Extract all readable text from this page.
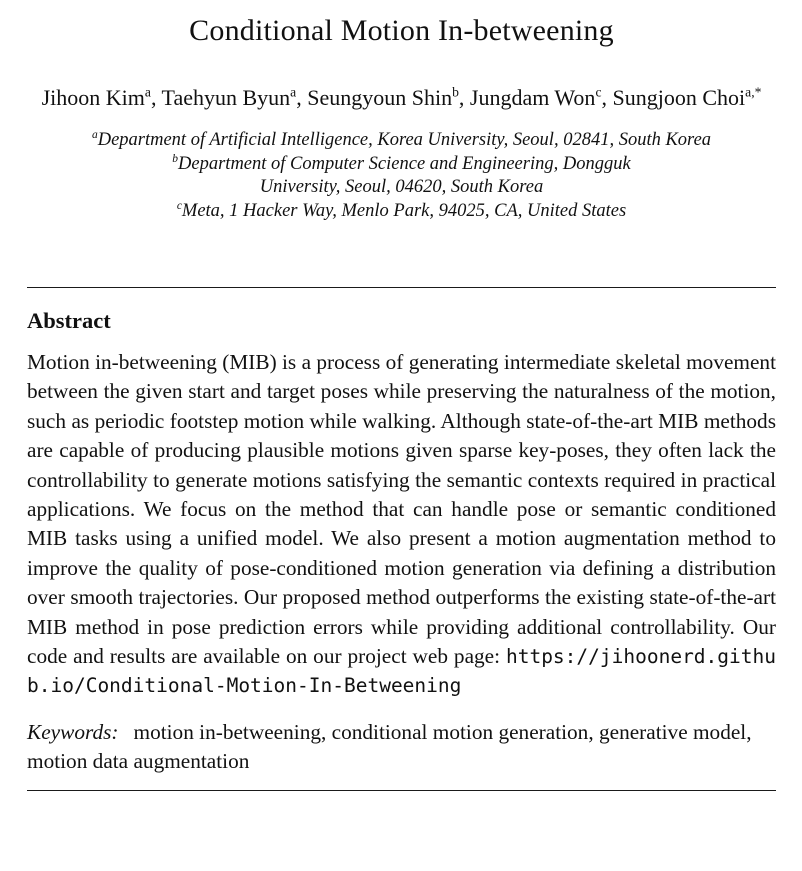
Conditional Motion In-betweening
Jihoon Kim$^a$, Taehyun Byun$^a$, Seungyoun Shin$^b$, Jungdam Won$^c$, Sungjoon Choi$^{a,*}$
$^a$Department of Artificial Intelligence, Korea University, Seoul, 02841, South Korea
$^b$Department of Computer Science and Engineering, Dongguk
University, Seoul, 04620, South Korea
$^c$Meta, 1 Hacker Way, Menlo Park, 94025, CA, United States
Abstract

Motion in-betweening (MIB) is a process of generating intermediate skeletal movement between the given start and target poses while preserving the naturalness of the motion, such as periodic footstep motion while walking. Although state-of-the-art MIB methods are capable of producing plausible motions given sparse key-poses, they often lack the controllability to generate motions satisfying the semantic contexts required in practical applications. We focus on the method that can handle pose or semantic conditioned MIB tasks using a unified model. We also present a motion augmentation method to improve the quality of pose-conditioned motion generation via defining a distribution over smooth trajectories. Our proposed method outperforms the existing state-of-the-art MIB method in pose prediction errors while providing additional controllability. Our code and results are available on our project web page: https://jihoonerd.github.io/Conditional-Motion-In-Betweening

Keywords: motion in-betweening, conditional motion generation, generative model, motion data augmentation
